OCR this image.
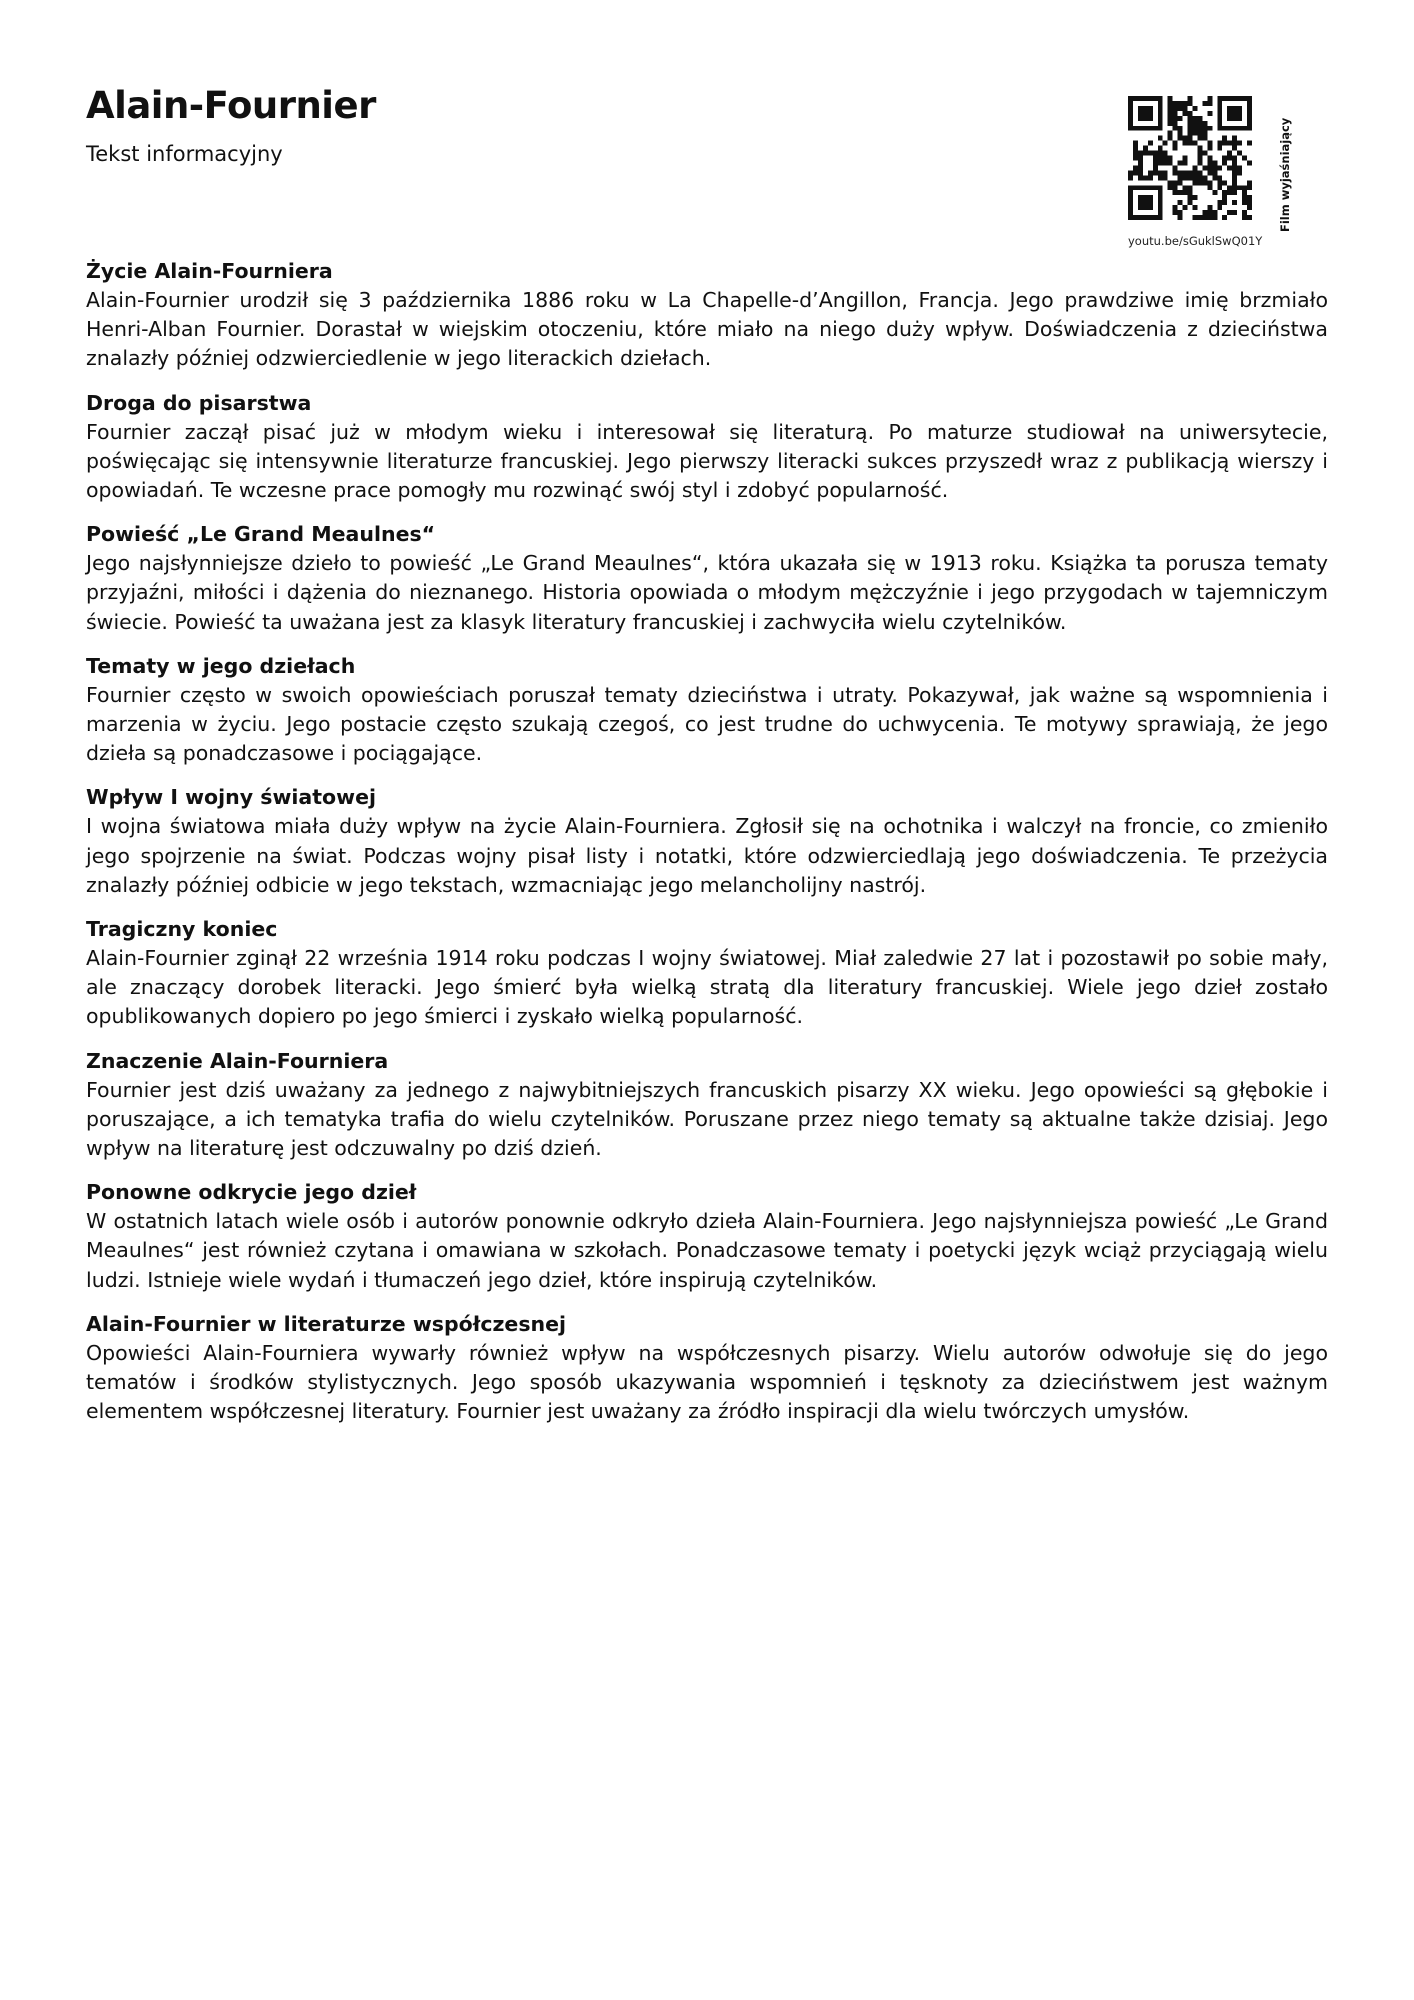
Alain-Fournier

Tekst informacyjny

youtu.be/sGuklSwQ01Y
Film wyjaśniający
Życie Alain-Fourniera

Alain-Fournier urodził się 3 października 1886 roku w La Chapelle-d’Angillon, Francja. Jego prawdziwe imię brzmiało Henri-Alban Fournier. Dorastał w wiejskim otoczeniu, które miało na niego duży wpływ. Doświadczenia z dzieciństwa znalazły później odzwierciedlenie w jego literackich dziełach.

Droga do pisarstwa

Fournier zaczął pisać już w młodym wieku i interesował się literaturą. Po maturze studiował na uniwersytecie, poświęcając się intensywnie literaturze francuskiej. Jego pierwszy literacki sukces przyszedł wraz z publikacją wierszy i opowiadań. Te wczesne prace pomogły mu rozwinąć swój styl i zdobyć popularność.

Powieść „Le Grand Meaulnes“

Jego najsłynniejsze dzieło to powieść „Le Grand Meaulnes“, która ukazała się w 1913 roku. Książka ta porusza tematy przyjaźni, miłości i dążenia do nieznanego. Historia opowiada o młodym mężczyźnie i jego przygodach w tajemniczym świecie. Powieść ta uważana jest za klasyk literatury francuskiej i zachwyciła wielu czytelników.

Tematy w jego dziełach

Fournier często w swoich opowieściach poruszał tematy dzieciństwa i utraty. Pokazywał, jak ważne są wspomnienia i marzenia w życiu. Jego postacie często szukają czegoś, co jest trudne do uchwycenia. Te motywy sprawiają, że jego dzieła są ponadczasowe i pociągające.

Wpływ I wojny światowej

I wojna światowa miała duży wpływ na życie Alain-Fourniera. Zgłosił się na ochotnika i walczył na froncie, co zmieniło jego spojrzenie na świat. Podczas wojny pisał listy i notatki, które odzwierciedlają jego doświadczenia. Te przeżycia znalazły później odbicie w jego tekstach, wzmacniając jego melancholijny nastrój.

Tragiczny koniec

Alain-Fournier zginął 22 września 1914 roku podczas I wojny światowej. Miał zaledwie 27 lat i pozostawił po sobie mały, ale znaczący dorobek literacki. Jego śmierć była wielką stratą dla literatury francuskiej. Wiele jego dzieł zostało opublikowanych dopiero po jego śmierci i zyskało wielką popularność.

Znaczenie Alain-Fourniera

Fournier jest dziś uważany za jednego z najwybitniejszych francuskich pisarzy XX wieku. Jego opowieści są głębokie i poruszające, a ich tematyka trafia do wielu czytelników. Poruszane przez niego tematy są aktualne także dzisiaj. Jego wpływ na literaturę jest odczuwalny po dziś dzień.

Ponowne odkrycie jego dzieł

W ostatnich latach wiele osób i autorów ponownie odkryło dzieła Alain-Fourniera. Jego najsłynniejsza powieść „Le Grand Meaulnes“ jest również czytana i omawiana w szkołach. Ponadczasowe tematy i poetycki język wciąż przyciągają wielu ludzi. Istnieje wiele wydań i tłumaczeń jego dzieł, które inspirują czytelników.

Alain-Fournier w literaturze współczesnej

Opowieści Alain-Fourniera wywarły również wpływ na współczesnych pisarzy. Wielu autorów odwołuje się do jego tematów i środków stylistycznych. Jego sposób ukazywania wspomnień i tęsknoty za dzieciństwem jest ważnym elementem współczesnej literatury. Fournier jest uważany za źródło inspiracji dla wielu twórczych umysłów.
